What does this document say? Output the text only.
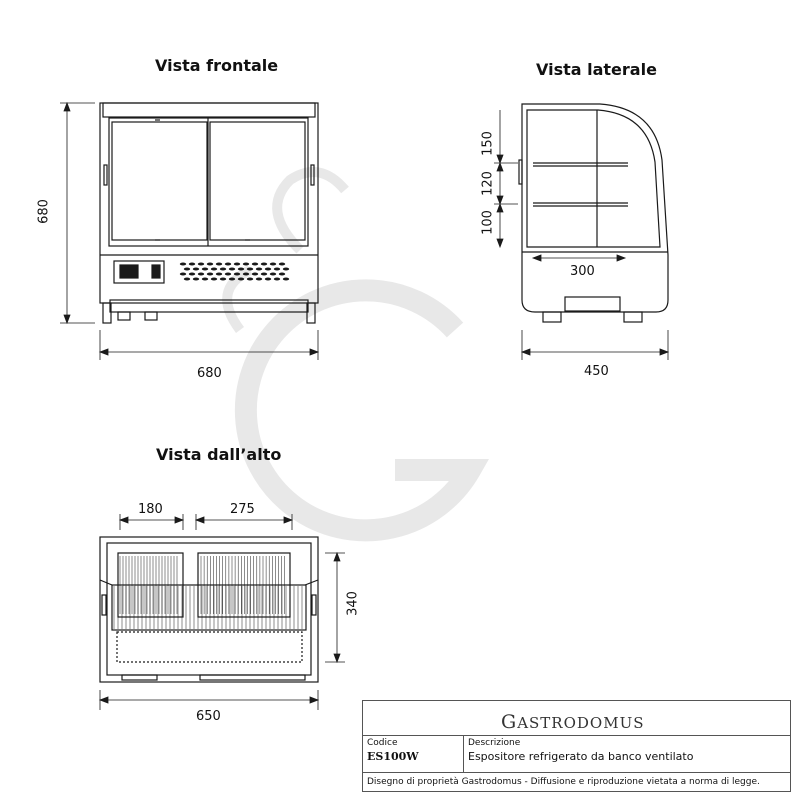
Vista frontale	Vista laterale
Vista dall’alto
680
680
150
120
100
300
450
180	275
340
650	GASTRODOMUS
Codice
ES100W
Descrizione
Espositore refrigerato da banco ventilato
Disegno di proprietà Gastrodomus - Diffusione e riproduzione vietata a norma di legge.
